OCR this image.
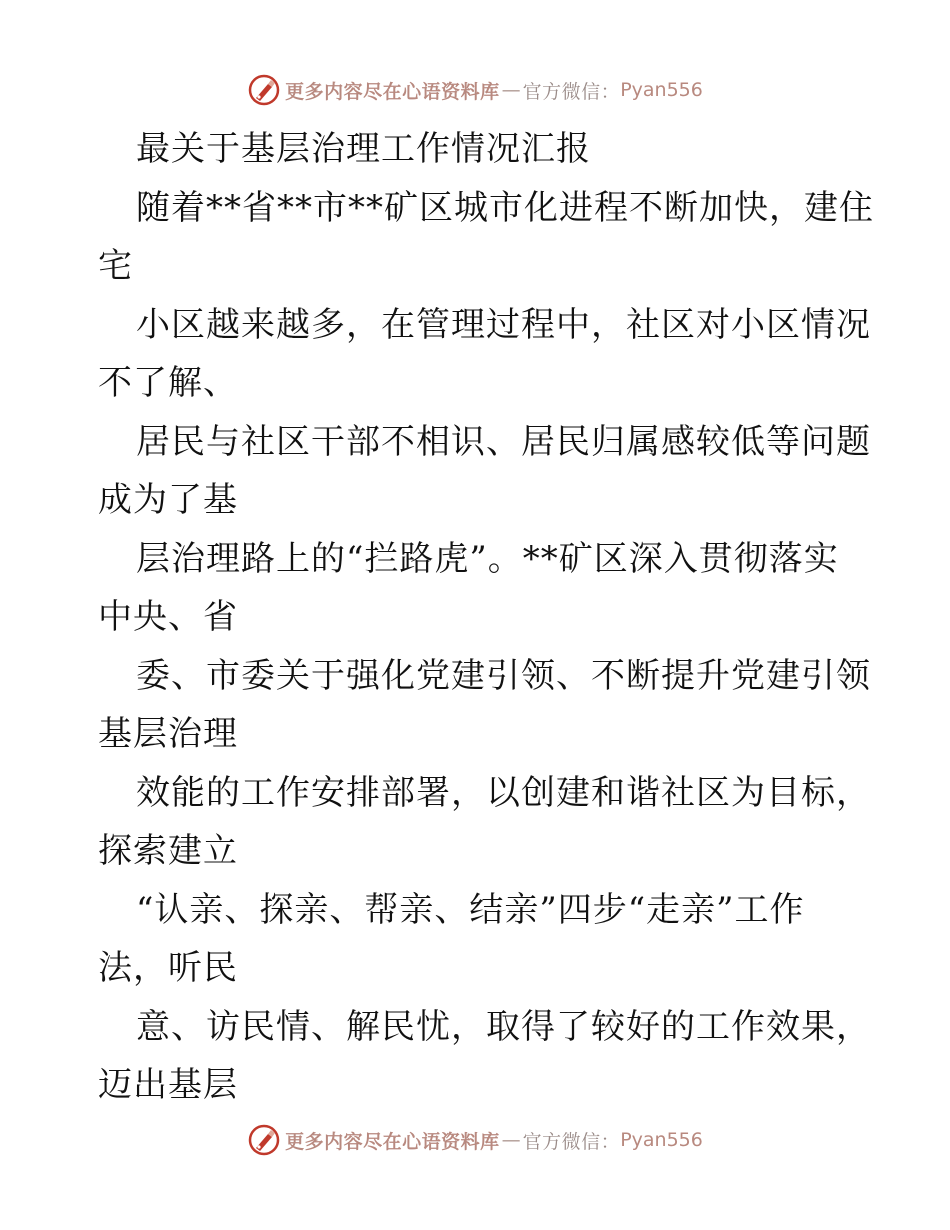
更多内容尽在心语资料库 — 官方微信： Pyan556
最关于基层治理工作情况汇报
随着**省**市**矿区城市化进程不断加快，建住
宅
小区越来越多，在管理过程中，社区对小区情况
不了解、
居民与社区干部不相识、居民归属感较低等问题
成为了基
层治理路上的“拦路虎”。**矿区深入贯彻落实
中央、省
委、市委关于强化党建引领、不断提升党建引领
基层治理
效能的工作安排部署，以创建和谐社区为目标，
探索建立
“认亲、探亲、帮亲、结亲”四步“走亲”工作
法，听民
意、访民情、解民忧，取得了较好的工作效果，
迈出基层
更多内容尽在心语资料库 — 官方微信： Pyan556
